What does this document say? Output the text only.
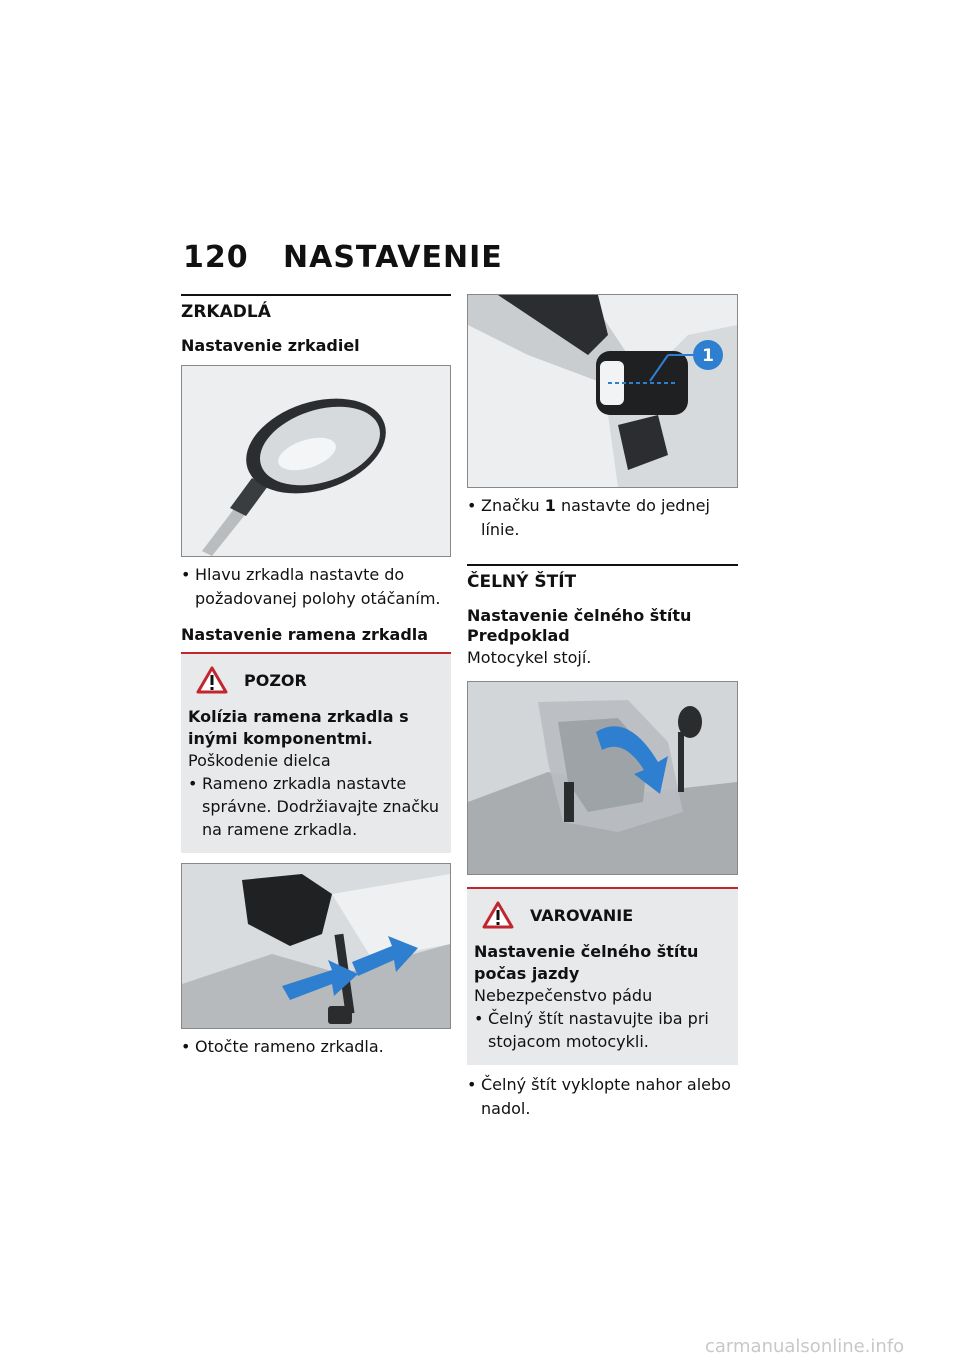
120 NASTAVENIE
ZRKADLÁ
Nastavenie zrkadiel
• Hlavu zrkadla nastavte do požadovanej polohy otáčaním.
Nastavenie ramena zrkadla
POZOR
Kolízia ramena zrkadla s inými komponentmi.
Poškodenie dielca
• Rameno zrkadla nastavte správne. Dodržiavajte značku na ramene zrkadla.
• Otočte rameno zrkadla.
1
• Značku 1 nastavte do jednej línie.
ČELNÝ ŠTÍT
Nastavenie čelného štítu
Predpoklad
Motocykel stojí.
VAROVANIE
Nastavenie čelného štítu počas jazdy
Nebezpečenstvo pádu
• Čelný štít nastavujte iba pri stojacom motocykli.
• Čelný štít vyklopte nahor alebo nadol.
carmanualsonline.info
